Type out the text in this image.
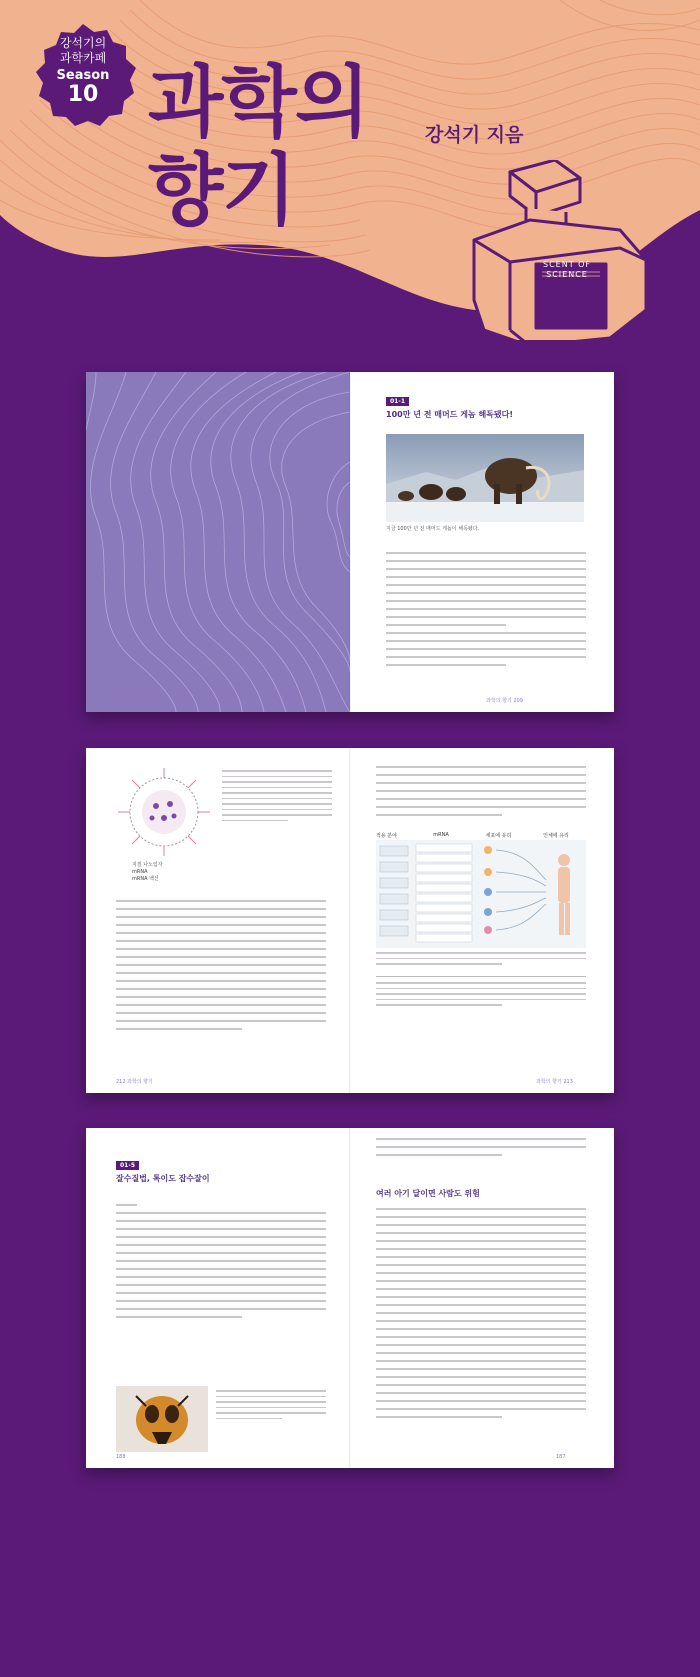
강석기의
과학카페
Season
10 과학의
향기
강석기 지음
SCENT OF SCIENCE
01-1
100만 년 전 매머드 게놈 해독됐다!
지금 100만 년 전 매머드 게놈이 해독됐다.
과학의 향기 209
지질 나노입자
mRNA
mRNA 백신
212 과학의 향기
적용 분야	mRNA	세포에 유리	인체에 유리
과학의 향기 213
01-5
잘수질법, 톡이도 잡수잘이
188
여러 아기 달이면 사람도 위험
187
